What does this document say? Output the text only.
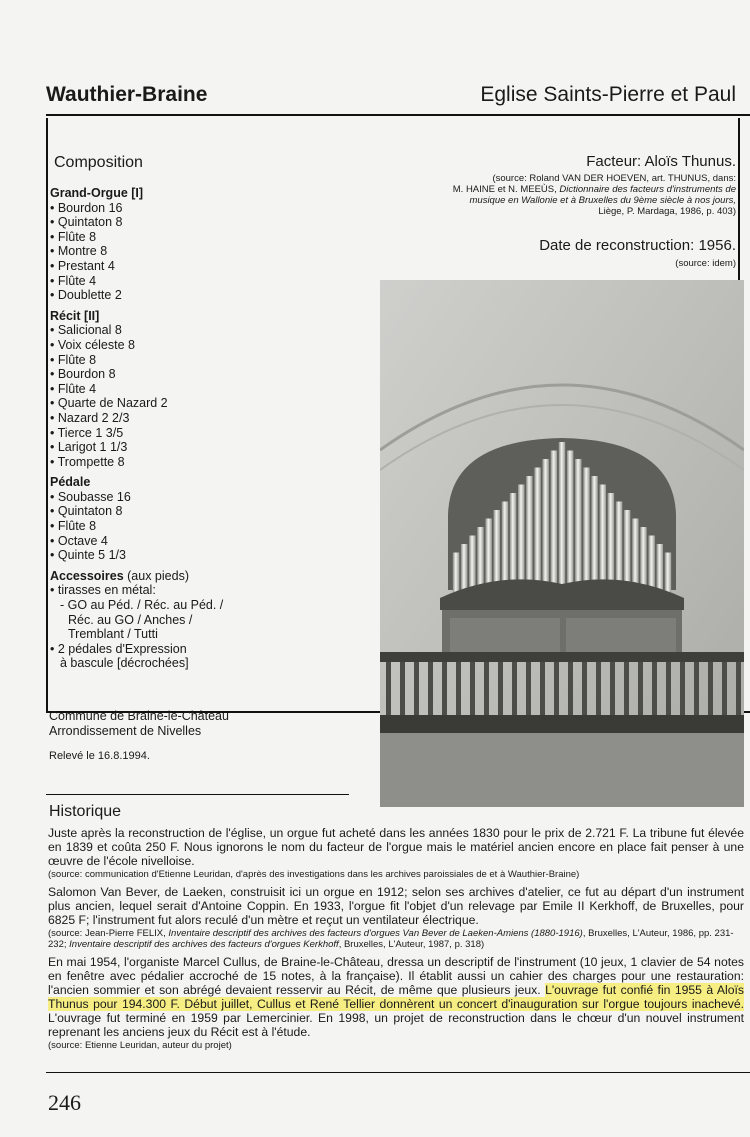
Wauthier-Braine	Eglise Saints-Pierre et Paul
Composition
Grand-Orgue [I]
• Bourdon 16
• Quintaton 8
• Flûte 8
• Montre 8
• Prestant 4
• Flûte 4
• Doublette 2
Récit [II]
• Salicional 8
• Voix céleste 8
• Flûte 8
• Bourdon 8
• Flûte 4
• Quarte de Nazard 2
• Nazard 2 2/3
• Tierce 1 3/5
• Larigot 1 1/3
• Trompette 8
Pédale
• Soubasse 16
• Quintaton 8
• Flûte 8
• Octave 4
• Quinte 5 1/3
Accessoires (aux pieds)
• tirasses en métal:
- GO au Péd. / Réc. au Péd. /
Réc. au GO / Anches /
Tremblant / Tutti
• 2 pédales d'Expression
à bascule [décrochées]
Commune de Braine-le-Château
Arrondissement de Nivelles
Relevé le 16.8.1994.
Facteur: Aloïs Thunus.
(source: Roland VAN DER HOEVEN, art. THUNUS, dans:
M. HAINE et N. MEEÙS, Dictionnaire des facteurs d'instruments de
musique en Wallonie et à Bruxelles du 9ème siècle à nos jours,
Liège, P. Mardaga, 1986, p. 403)
Date de reconstruction: 1956.
(source: idem)
Historique

Juste après la reconstruction de l'église, un orgue fut acheté dans les années 1830 pour le prix de 2.721 F. La tribune fut élevée en 1839 et coûta 250 F. Nous ignorons le nom du facteur de l'orgue mais le matériel ancien encore en place fait penser à une œuvre de l'école nivelloise.

(source: communication d'Etienne Leuridan, d'après des investigations dans les archives paroissiales de et à Wauthier-Braine)

Salomon Van Bever, de Laeken, construisit ici un orgue en 1912; selon ses archives d'atelier, ce fut au départ d'un instrument plus ancien, lequel serait d'Antoine Coppin. En 1933, l'orgue fit l'objet d'un relevage par Emile II Kerkhoff, de Bruxelles, pour 6825 F; l'instrument fut alors reculé d'un mètre et reçut un ventilateur électrique.

(source: Jean-Pierre FELIX, Inventaire descriptif des archives des facteurs d'orgues Van Bever de Laeken-Amiens (1880-1916), Bruxelles, L'Auteur, 1986, pp. 231-232; Inventaire descriptif des archives des facteurs d'orgues Kerkhoff, Bruxelles, L'Auteur, 1987, p. 318)

En mai 1954, l'organiste Marcel Cullus, de Braine-le-Château, dressa un descriptif de l'instrument (10 jeux, 1 clavier de 54 notes en fenêtre avec pédalier accroché de 15 notes, à la française). Il établit aussi un cahier des charges pour une restauration: l'ancien sommier et son abrégé devaient resservir au Récit, de même que plusieurs jeux. L'ouvrage fut confié fin 1955 à Aloïs Thunus pour 194.300 F. Début juillet, Cullus et René Tellier donnèrent un concert d'inauguration sur l'orgue toujours inachevé. L'ouvrage fut terminé en 1959 par Lemercinier. En 1998, un projet de reconstruction dans le chœur d'un nouvel instrument reprenant les anciens jeux du Récit est à l'étude.

(source: Etienne Leuridan, auteur du projet)

246
